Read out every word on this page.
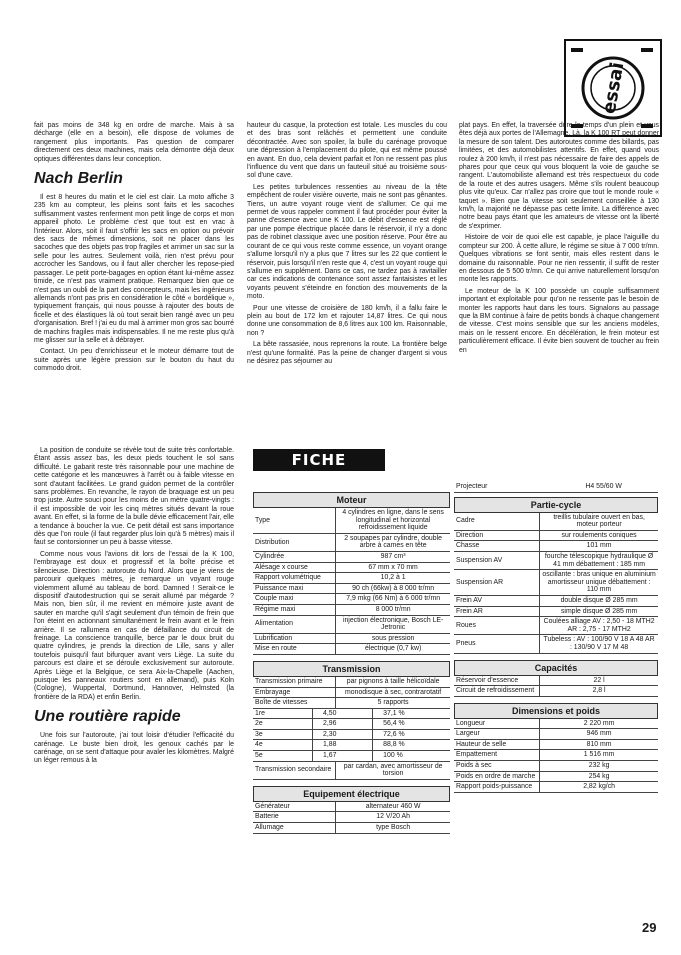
essai

fait pas moins de 348 kg en ordre de marche. Mais à sa décharge (elle en a besoin), elle dispose de volumes de rangement plus importants. Pas question de comparer directement ces deux machines, mais cela démontre déjà deux optiques différentes dans leur conception.

Nach Berlin

Il est 8 heures du matin et le ciel est clair. La moto affiche 3 235 km au compteur, les pleins sont faits et les sacoches suffisamment vastes renferment mon petit linge de corps et mon appareil photo. Le problème c'est que tout est en vrac à l'intérieur. Alors, soit il faut s'offrir les sacs en option ou prévoir des sacs de mêmes dimensions, soit ne placer dans les sacoches que des objets pas trop fragiles et arrimer un sac sur la selle pour les autres. Seulement voilà, rien n'est prévu pour accrocher les Sandows, ou il faut aller chercher les repose-pied passager. Le petit porte-bagages en option étant lui-même assez timide, ce n'est pas vraiment pratique. Remarquez bien que ce n'est pas un oubli de la part des concepteurs, mais les ingénieurs allemands n'ont pas pris en considération le côté « bordélique », typiquement français, qui nous pousse à rajouter des bouts de ficelle et des élastiques là où tout serait bien rangé avec un peu d'organisation. Bref ! j'ai eu du mal à arrimer mon gros sac bourré de machins fragiles mais indispensables. Il ne me reste plus qu'à me glisser sur la selle et à débrayer.

Contact. Un peu d'enrichisseur et le moteur démarre tout de suite après une légère pression sur le bouton du haut du commodo droit.

La position de conduite se révèle tout de suite très confortable. Étant assis assez bas, les deux pieds touchent le sol sans difficulté. Le gabarit reste très raisonnable pour une machine de cette catégorie et les manœuvres à l'arrêt ou à faible vitesse en sont d'autant facilitées. Le grand guidon permet de la contrôler sans problèmes. En revanche, le rayon de braquage est un peu trop juste. Autre souci pour les moins de un mètre quatre-vingts : il est impossible de voir les cinq mètres situés devant la roue avant. En effet, si la forme de la bulle dévie efficacement l'air, elle a tendance à boucher la vue. Ce petit détail est sans importance dès que l'on roule (il faut regarder plus loin qu'à 5 mètres) mais il faut se contorsionner un peu à basse vitesse.

Comme nous vous l'avions dit lors de l'essai de la K 100, l'embrayage est doux et progressif et la boîte précise et silencieuse. Direction : autoroute du Nord. Alors que je viens de parcourir quelques mètres, je remarque un voyant rouge violemment allumé au tableau de bord. Damned ! Serait-ce le dispositif d'autodestruction qui se serait allumé par mégarde ? Mais non, bien sûr, il me revient en mémoire juste avant de sauter en marche qu'il s'agit seulement d'un témoin de frein que l'on éteint en actionnant simultanément le frein avant et le frein arrière. Il se rallumera en cas de défaillance du circuit de freinage. La conscience tranquille, berce par le doux bruit du quatre cylindres, je prends la direction de Lille, sans y aller toutefois puisqu'il faut bifurquer avant vers Liège. La suite du parcours est claire et se déroule exclusivement sur autoroute. Après Liège et la Belgique, ce sera Aix-la-Chapelle (Aachen, puisque les panneaux routiers sont en allemand), puis Koln (Cologne), Wuppertal, Dortmund, Hannover, Helmsted (la frontière de la RDA) et enfin Berlin.

Une routière rapide

Une fois sur l'autoroute, j'ai tout loisir d'étudier l'efficacité du carénage. Le buste bien droit, les genoux cachés par le carénage, on se sent d'attaque pour avaler les kilomètres. Malgré un léger remous à la

hauteur du casque, la protection est totale. Les muscles du cou et des bras sont relâchés et permettent une conduite décontractée. Avec son spoiler, la bulle du carénage provoque une dépression à l'emplacement du pilote, qui est même poussé en avant. En duo, cela devient parfait et l'on ne ressent pas plus l'influence du vent que dans un fauteuil situé au troisième sous-sol d'une cave.

Les petites turbulences ressenties au niveau de la tête empêchent de rouler visière ouverte, mais ne sont pas gênantes. Tiens, un autre voyant rouge vient de s'allumer. Ce qui me permet de vous rappeler comment il faut procéder pour éviter la panne d'essence avec une K 100. Le débit d'essence est réglé par une pompe électrique placée dans le réservoir, il n'y a donc pas de robinet classique avec une position réserve. Pour être au courant de ce qui vous reste comme essence, un voyant orange s'allume lorsqu'il n'y a plus que 7 litres sur les 22 que contient le réservoir, puis lorsqu'il n'en reste que 4, c'est un voyant rouge qui s'allume en supplément. Dans ce cas, ne tardez pas à ravitailler car ces indications de contenance sont assez fantaisistes et les voyants peuvent s'éteindre en fonction des mouvements de la moto.

Pour une vitesse de croisière de 180 km/h, il a fallu faire le plein au bout de 172 km et rajouter 14,87 litres. Ce qui nous donne une consommation de 8,6 litres aux 100 km. Raisonnable, non ?

La bête rassasiée, nous reprenons la route. La frontière belge n'est qu'une formalité. Pas la peine de changer d'argent si vous ne désirez pas séjourner au

plat pays. En effet, la traversée dure le temps d'un plein et vous êtes déjà aux portes de l'Allemagne. Là, la K 100 RT peut donner la mesure de son talent. Des autoroutes comme des billards, pas limitées, et des automobilistes attentifs. En effet, quand vous roulez à 200 km/h, il n'est pas nécessaire de faire des appels de phares pour que ceux qui vous bloquent la voie de gauche se rangent. L'automobiliste allemand est très respectueux du code de la route et des autres usagers. Même s'ils roulent beaucoup plus vite qu'eux. Car n'allez pas croire que tout le monde roule « taquet ». Bien que la vitesse soit seulement conseillée à 130 km/h, la majorité ne dépasse pas cette limite. La différence avec notre beau pays étant que les amateurs de vitesse ont la liberté de s'exprimer.

Histoire de voir de quoi elle est capable, je place l'aiguille du compteur sur 200. À cette allure, le régime se situe à 7 000 tr/mn. Quelques vibrations se font sentir, mais elles restent dans le domaine du raisonnable. Pour ne rien ressentir, il suffit de rester en dessous de 5 500 tr/mn. Ce qui arrive naturellement lorsqu'on monte les rapports.

Le moteur de la K 100 possède un couple suffisamment important et exploitable pour qu'on ne ressente pas le besoin de monter les rapports haut dans les tours. Signalons au passage que la BM continue à faire de petits bonds à chaque changement de vitesse. C'est moins sensible que sur les anciens modèles, mais on le ressent encore. En décélération, le frein moteur est particulièrement efficace. Il évite bien souvent de toucher au frein en

FICHE TECHNIQUE
Moteur
Type	4 cylindres en ligne, dans le sens longitudinal et horizontal refroidissement liquide
Distribution	2 soupapes par cylindre, double arbre à cames en tête
Cylindrée	987 cm³
Alésage x course	67 mm x 70 mm
Rapport volumétrique	10,2 à 1
Puissance maxi	90 ch (66kw) à 8 000 tr/mn
Couple maxi	7,9 mkg (66 Nm) à 6 000 tr/mn
Régime maxi	8 000 tr/mn
Alimentation	injection électronique, Bosch LE-Jetronic
Lubrification	sous pression
Mise en route	électrique (0,7 kw)
Transmission
Transmission primaire	par pignons à taille hélicoïdale
Embrayage	monodisque à sec, contrarotatif
Boîte de vitesses	5 rapports
1re	4,50	37,1 %
2e	2,96	56,4 %
3e	2,30	72,6 %
4e	1,88	88,8 %
5e	1,67	100 %
Transmission secondaire	par cardan, avec amortisseur de torsion
Equipement électrique
Générateur	alternateur 460 W
Batterie	12 V/20 Ah
Allumage	type Bosch
Projecteur	H4 55/60 W
Partie-cycle
Cadre	treillis tubulaire ouvert en bas, moteur porteur
Direction	sur roulements coniques
Chasse	101 mm
Suspension AV	fourche télescopique hydraulique Ø 41 mm débattement : 185 mm
Suspension AR	oscillante : bras unique en aluminium amortisseur unique débattement : 110 mm
Frein AV	double disque Ø 285 mm
Frein AR	simple disque Ø 285 mm
Roues	Coulées alliage AV : 2,50 - 18 MTH2 AR : 2,75 - 17 MTH2
Pneus	Tubeless : AV : 100/90 V 18 A 48 AR : 130/90 V 17 M 48
Capacités
Réservoir d'essence	22 l
Circuit de refroidissement	2,8 l
Dimensions et poids
Longueur	2 220 mm
Largeur	946 mm
Hauteur de selle	810 mm
Empattement	1 516 mm
Poids à sec	232 kg
Poids en ordre de marche	254 kg
Rapport poids-puissance	2,82 kg/ch
29
